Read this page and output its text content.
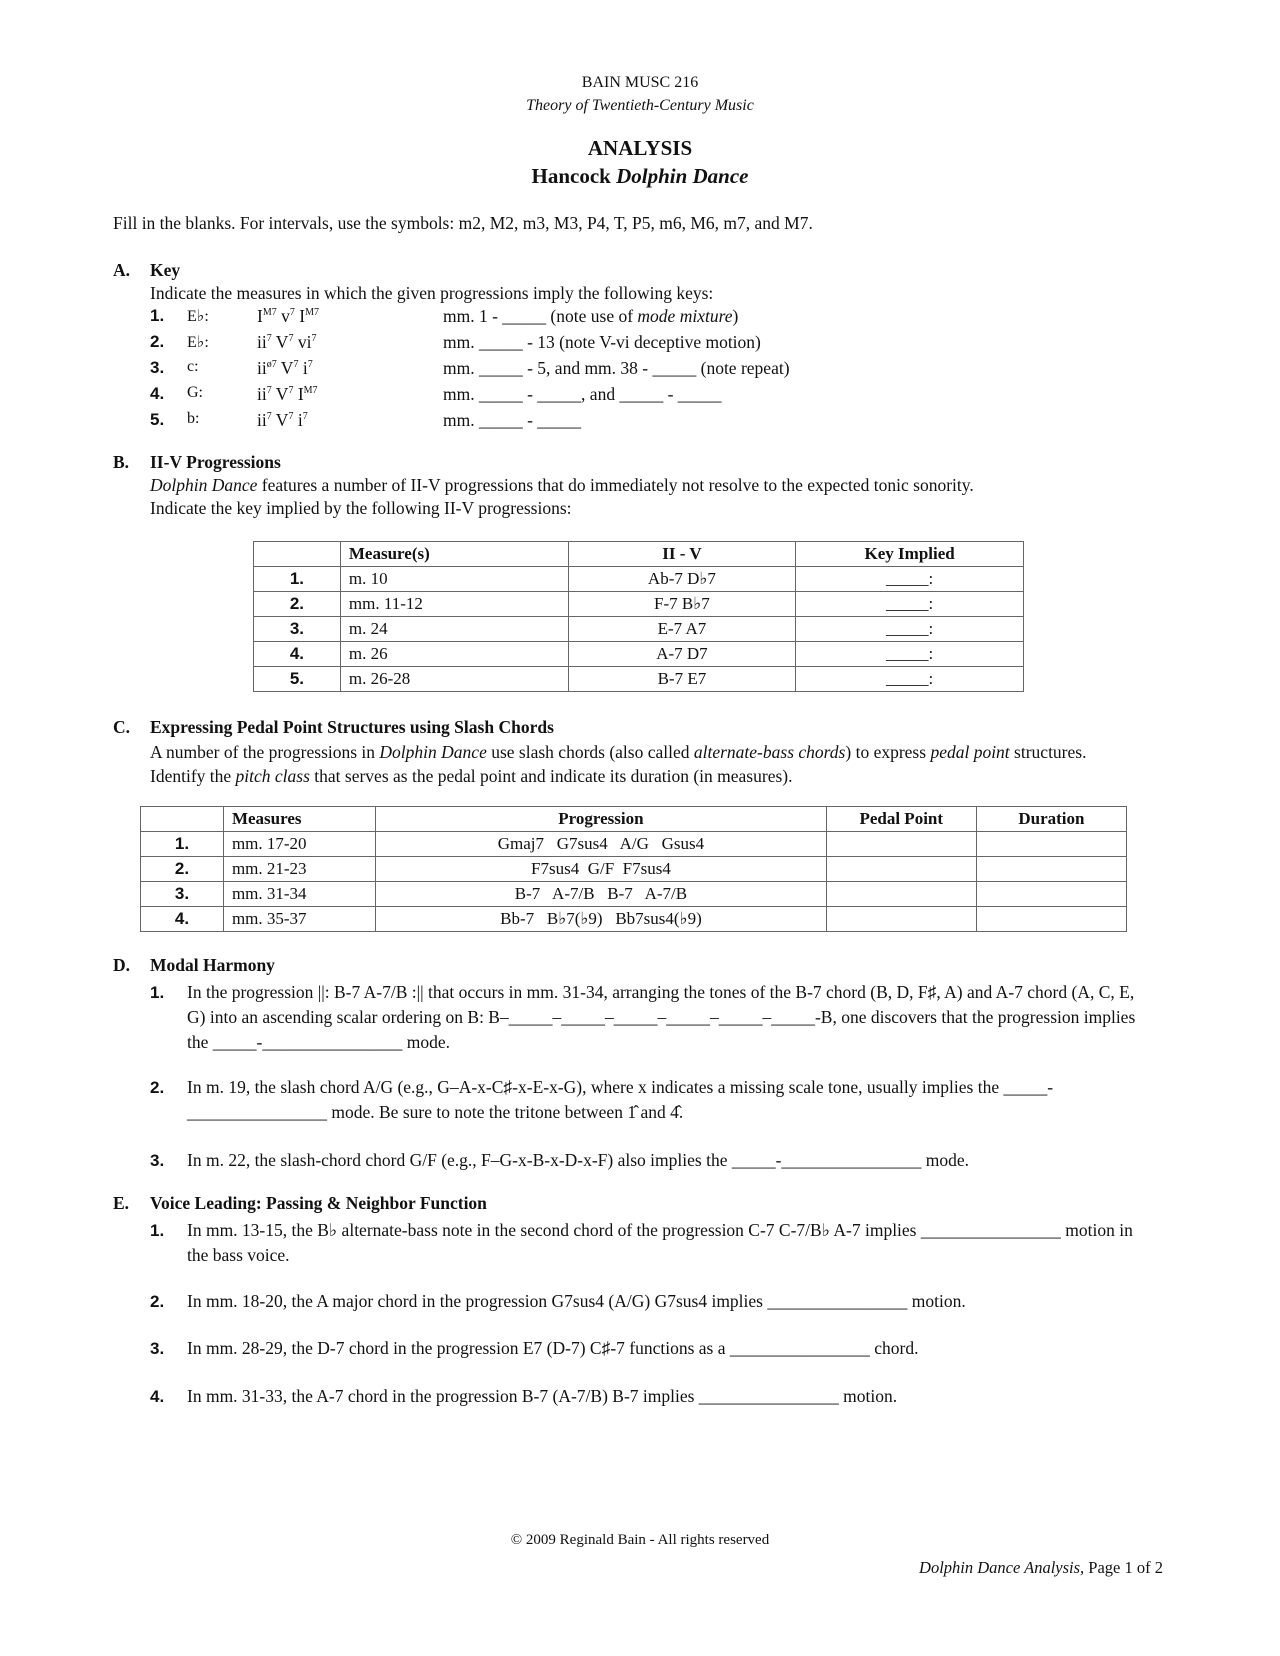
BAIN MUSC 216
Theory of Twentieth-Century Music
ANALYSIS
Hancock Dolphin Dance
Fill in the blanks. For intervals, use the symbols: m2, M2, m3, M3, P4, T, P5, m6, M6, m7, and M7.
A. Key
Indicate the measures in which the given progressions imply the following keys:
1. E♭:	$I^{M7}$ $v^7$ $I^{M7}$	mm. 1 - _____ (note use of mode mixture)
2. E♭:	$ii^7$ $V^7$ $vi^7$	mm. _____ - 13 (note V-vi deceptive motion)
3. c:	$ii^{ø7}$ $V^7$ $i^7$	mm. _____ - 5, and mm. 38 - _____ (note repeat)
4. G:	$ii^7$ $V^7$ $I^{M7}$	mm. _____ - _____, and _____ - _____
5. b:	$ii^7$ $V^7$ $i^7$	mm. _____ - _____
B. II-V Progressions
Dolphin Dance features a number of II-V progressions that do immediately not resolve to the expected tonic sonority.
Indicate the key implied by the following II-V progressions:
	Measure(s)	II - V	Key Implied
1.	m. 10	Ab-7 D♭7	_____:
2.	mm. 11-12	F-7 B♭7	_____:
3.	m. 24	E-7 A7	_____:
4.	m. 26	A-7 D7	_____:
5.	m. 26-28	B-7 E7	_____:
C. Expressing Pedal Point Structures using Slash Chords
A number of the progressions in Dolphin Dance use slash chords (also called alternate-bass chords) to express pedal point structures. Identify the pitch class that serves as the pedal point and indicate its duration (in measures).
	Measures	Progression	Pedal Point	Duration
1.	mm. 17-20	Gmaj7   G7sus4   A/G   Gsus4		
2.	mm. 21-23	F7sus4  G/F  F7sus4		
3.	mm. 31-34	B-7   A-7/B   B-7   A-7/B		
4.	mm. 35-37	Bb-7   B♭7(♭9)   Bb7sus4(♭9)		
D. Modal Harmony
1. In the progression ||: B-7 A-7/B :|| that occurs in mm. 31-34, arranging the tones of the B-7 chord (B, D, F♯, A) and A-7 chord (A, C, E, G) into an ascending scalar ordering on B: B–_____–_____–_____–_____–_____–_____-B, one discovers that the progression implies the _____-________________ mode.
2. In m. 19, the slash chord A/G (e.g., G–A-x-C♯-x-E-x-G), where x indicates a missing scale tone, usually implies the _____-________________ mode. Be sure to note the tritone between 1̂ and 4̂.
3. In m. 22, the slash-chord chord G/F (e.g., F–G-x-B-x-D-x-F) also implies the _____-________________ mode.
E. Voice Leading: Passing & Neighbor Function
1. In mm. 13-15, the B♭ alternate-bass note in the second chord of the progression C-7 C-7/B♭ A-7 implies ________________ motion in the bass voice.
2. In mm. 18-20, the A major chord in the progression G7sus4 (A/G) G7sus4 implies ________________ motion.
3. In mm. 28-29, the D-7 chord in the progression E7 (D-7) C♯-7 functions as a ________________ chord.
4. In mm. 31-33, the A-7 chord in the progression B-7 (A-7/B) B-7 implies ________________ motion.
© 2009 Reginald Bain - All rights reserved
Dolphin Dance Analysis, Page 1 of 2
